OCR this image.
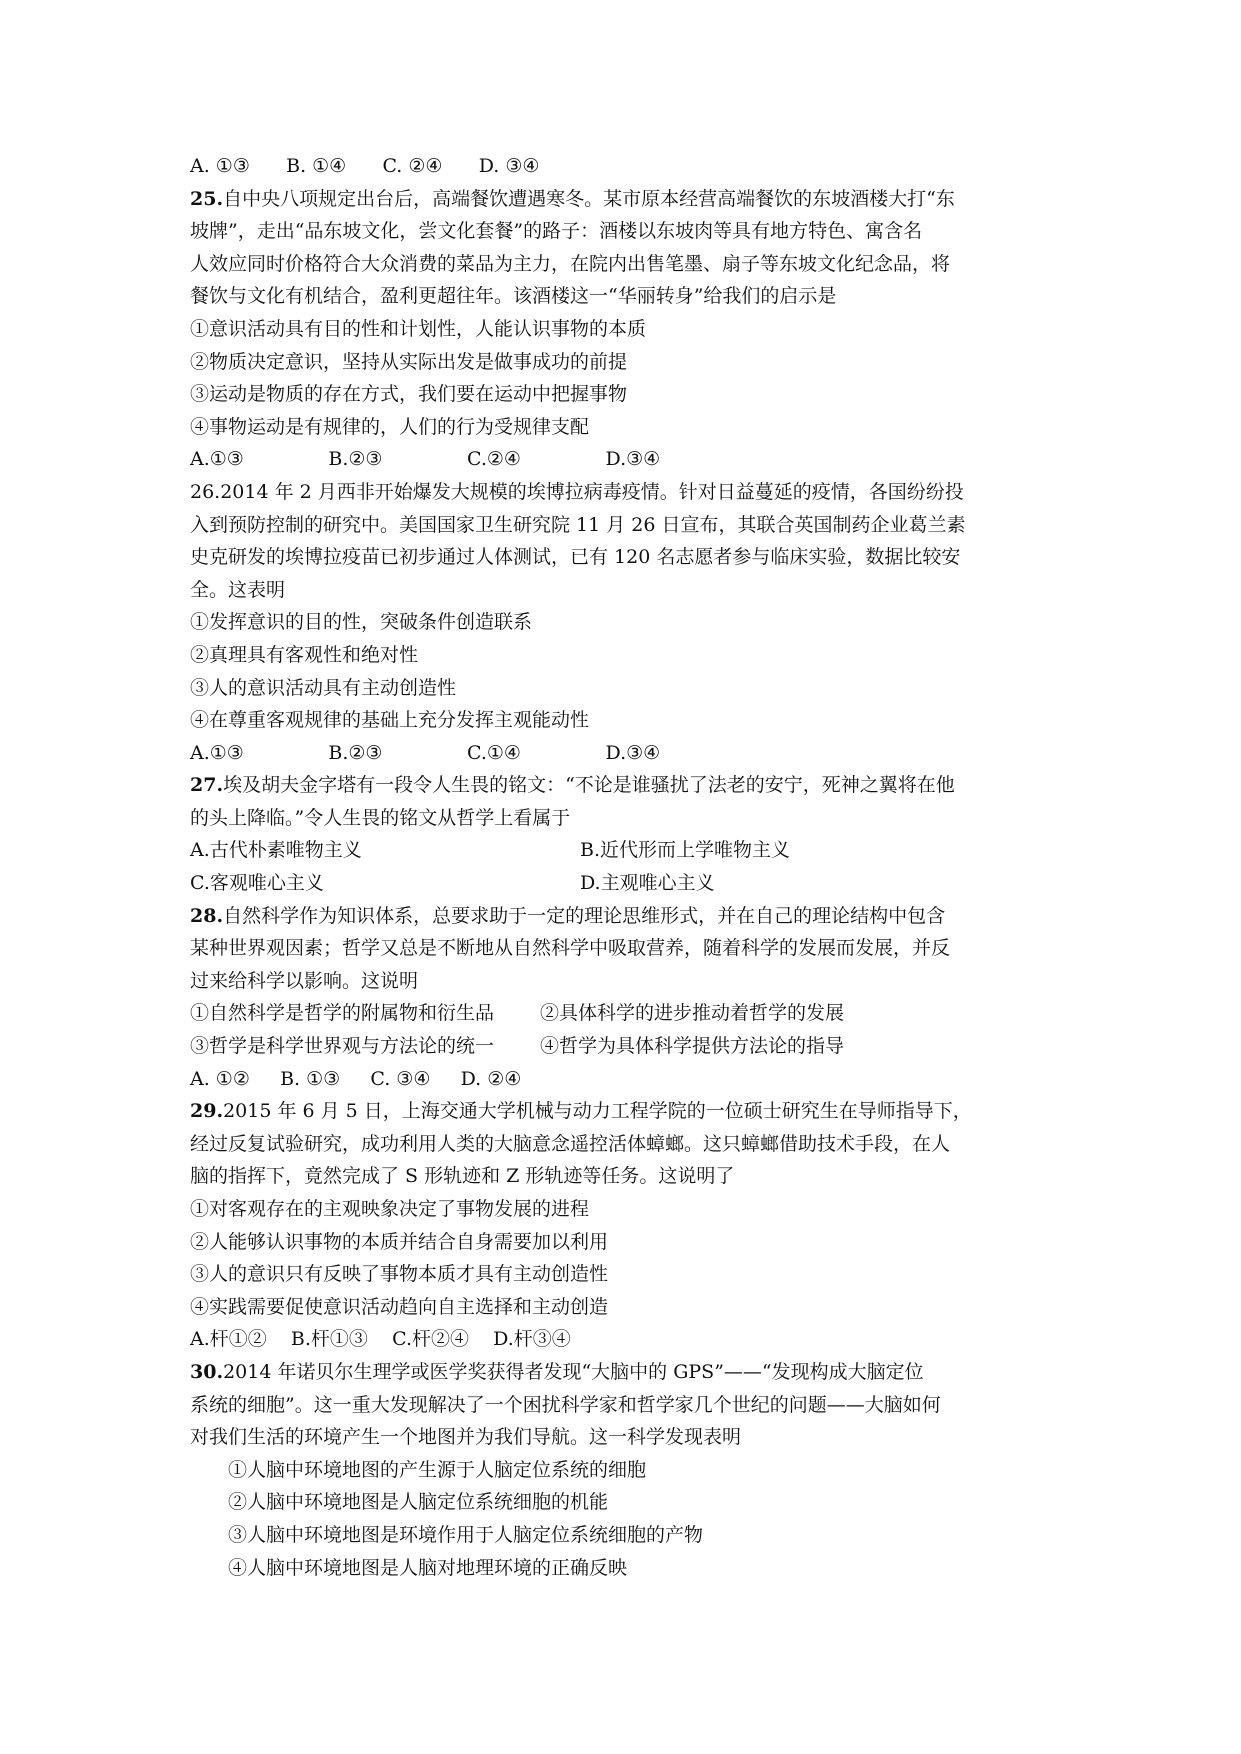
A. ①③      B. ①④      C. ②④      D. ③④
25.自中央八项规定出台后，高端餐饮遭遇寒冬。某市原本经营高端餐饮的东坡酒楼大打“东
坡牌”，走出“品东坡文化，尝文化套餐”的路子：酒楼以东坡肉等具有地方特色、寓含名
人效应同时价格符合大众消费的菜品为主力，在院内出售笔墨、扇子等东坡文化纪念品，将
餐饮与文化有机结合，盈利更超往年。该酒楼这一“华丽转身”给我们的启示是
①意识活动具有目的性和计划性，人能认识事物的本质
②物质决定意识，坚持从实际出发是做事成功的前提
③运动是物质的存在方式，我们要在运动中把握事物
④事物运动是有规律的，人们的行为受规律支配
A.①③              B.②③              C.②④              D.③④
26.2014 年 2 月西非开始爆发大规模的埃博拉病毒疫情。针对日益蔓延的疫情，各国纷纷投
入到预防控制的研究中。美国国家卫生研究院 11 月 26 日宣布，其联合英国制药企业葛兰素
史克研发的埃博拉疫苗已初步通过人体测试，已有 120 名志愿者参与临床实验，数据比较安
全。这表明
①发挥意识的目的性，突破条件创造联系
②真理具有客观性和绝对性
③人的意识活动具有主动创造性
④在尊重客观规律的基础上充分发挥主观能动性
A.①③              B.②③              C.①④              D.③④
27.埃及胡夫金字塔有一段令人生畏的铭文：“不论是谁骚扰了法老的安宁，死神之翼将在他
的头上降临。”令人生畏的铭文从哲学上看属于
A.古代朴素唯物主义	B.近代形而上学唯物主义
C.客观唯心主义	D.主观唯心主义
28.自然科学作为知识体系，总要求助于一定的理论思维形式，并在自己的理论结构中包含
某种世界观因素；哲学又总是不断地从自然科学中吸取营养，随着科学的发展而发展，并反
过来给科学以影响。这说明
①自然科学是哲学的附属物和衍生品	②具体科学的进步推动着哲学的发展
③哲学是科学世界观与方法论的统一	④哲学为具体科学提供方法论的指导
A. ①②     B. ①③     C. ③④     D. ②④
29.2015 年 6 月 5 日，上海交通大学机械与动力工程学院的一位硕士研究生在导师指导下，
经过反复试验研究，成功利用人类的大脑意念遥控活体蟑螂。这只蟑螂借助技术手段，在人
脑的指挥下，竟然完成了 S 形轨迹和 Z 形轨迹等任务。这说明了
①对客观存在的主观映象决定了事物发展的进程
②人能够认识事物的本质并结合自身需要加以利用
③人的意识只有反映了事物本质才具有主动创造性
④实践需要促使意识活动趋向自主选择和主动创造
A.杆①②    B.杆①③    C.杆②④    D.杆③④
30.2014 年诺贝尔生理学或医学奖获得者发现“大脑中的 GPS”——“发现构成大脑定位
系统的细胞”。这一重大发现解决了一个困扰科学家和哲学家几个世纪的问题——大脑如何
对我们生活的环境产生一个地图并为我们导航。这一科学发现表明
①人脑中环境地图的产生源于人脑定位系统的细胞
②人脑中环境地图是人脑定位系统细胞的机能
③人脑中环境地图是环境作用于人脑定位系统细胞的产物
④人脑中环境地图是人脑对地理环境的正确反映
